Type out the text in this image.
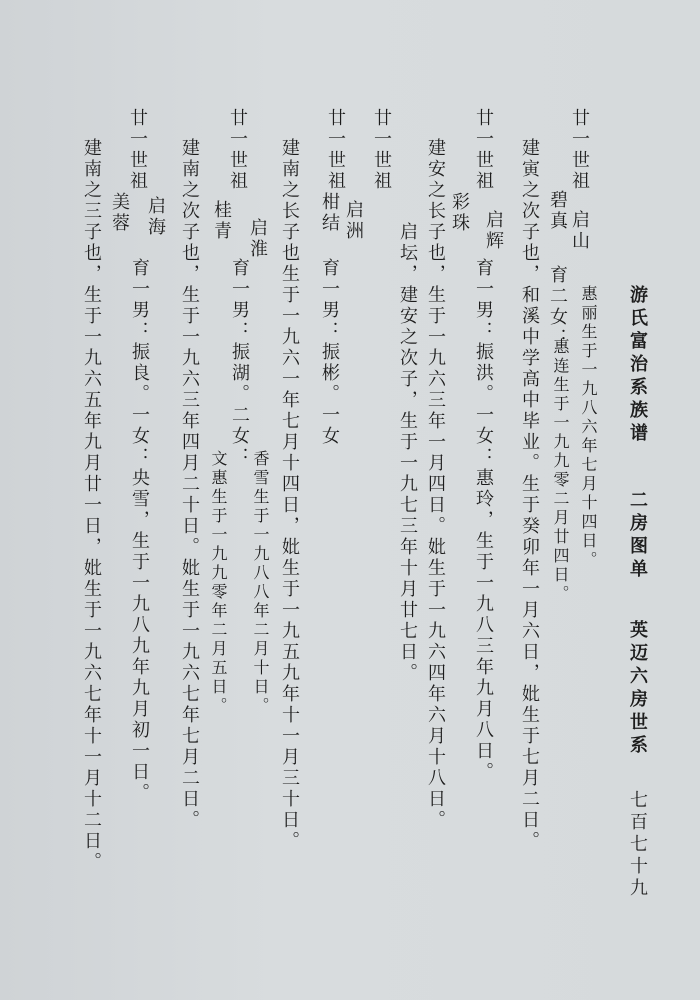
游氏富治系族谱
二房图单
英迈六房世系
七百七十九
廿一世祖
启山
惠丽生于一九八六年七月十四日。
碧真
育二女：
惠连生于一九九零二月廿四日。
建寅之次子也，和溪中学高中毕业。生于癸卯年一月六日，妣生于七月二日。
廿一世祖
启辉
彩珠
育一男：振洪。一女：惠玲，生于一九八三年九月八日。
建安之长子也，生于一九六三年一月四日。妣生于一九六四年六月十八日。
启坛，建安之次子，生于一九七三年十月廿七日。
廿一世祖
廿一世祖
启洲
柑结
育一男：振彬。一女
建南之长子也生于一九六一年七月十四日，妣生于一九五九年十一月三十日。
香雪生于一九八八年二月十日。
廿一世祖
启淮
桂青
育一男：振湖。二女：
文惠生于一九九零年二月五日。
建南之次子也，生于一九六三年四月二十日。妣生于一九六七年七月二日。
廿一世祖
启海
美蓉
育一男：振良。一女：央雪，生于一九八九年九月初一日。
建南之三子也，生于一九六五年九月廿一日，妣生于一九六七年十一月十二日。
